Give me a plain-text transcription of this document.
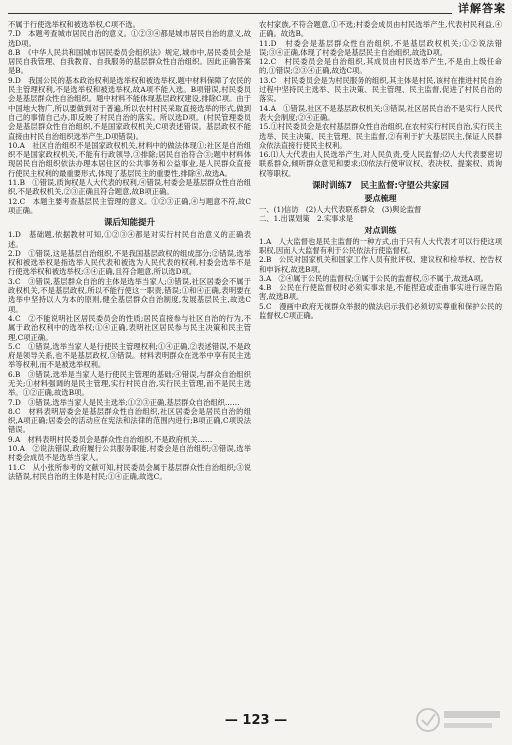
详解答案

不属于行使选举权和被选举权,C项不选。

7.D　本题考查城市居民自治的意义。①②③④都是城市居民自治的意义,故选D项。

8.B　《中华人民共和国城市居民委员会组织法》规定,城市中,居民委员会是居民自我管理、自我教育、自我服务的基层群众性自治组织。因此正确答案是B。

9.D　我国公民的基本政治权利是选举权和被选举权,题中材料保障了农民的民主管理权利,不是选举权和被选举权,故A项不能入选。B项错误,村民委员会是基层群众性自治组织。题中材料不能体现基层政权建设,排除C项。由于中国地大物广,所以要做到对于普遍,所以农村村民采取直接选举的形式,做到自己的事情自己办,即反映了村民自治的落实。所以选D项。(村民管理委员会是基层群众性自治组织,不是国家政权机关,C项表述错误。基层政权不能直接由村民自治组织选举产生,D项错误)。

10.A　社区自治组织不是国家政权机关,材料中的做法体现①;社区是自治组织不是国家政权机关,不能有行政领导,③排除;居民自治符合③;题中材料体现居民自治组织依法办理本居住区的公共事务和公益事业,是人民群众直接行使民主权利的最重要形式,体现了基层民主的重要性,排除④,故选A。

11.B　①错误,质询权是人大代表的权利,④错误,村委会是基层群众性自治组织,不是政权机关,②③正确且符合题意,故B项正确。

12.C　本题主要考查基层民主管理的意义。①②③正确,④与题意不符,故C项正确。

课后知能提升

1.D　基础题,依据教材可知,①②③④都是对实行村民自治意义的正确表述。

2.D　①错误,这是基层自治组织,不是我国基层政权的组成部分;②错误,选举权和被选举权是指选举人民代表和被选为人民代表的权利,村委会选举不是行使选举权和被选举权;③④正确,且符合题意,所以选D项。

3.C　③错误,基层群众自治的主体是选举当家人;③错误,社区居委会不属于政权机关,不是基层政权,所以不能行使这一职责,错误;①和④正确,表明要在选举中坚持以人为本的原则,健全基层群众自治制度,发展基层民主,故选C项。

4.C　②不能说明社区居民委员会的性质;居民直接参与社区自治的行为,不属于政治权利中的选举权;①④正确,表明社区居民参与民主决策和民主管理,C项正确。

5.C　①错误,选举当家人是行使民主管理权利;①④正确,②表述错误,不是政府是领导关系,也不是基层政权,③错误。材料表明群众在选举中享有民主选举等权利,而不是被选举权利。

6.B　③错误,选举是当家人是行使民主管理的基础;④错误,与群众自治组织无关;①材料强调的是民主管理,实行村民自治,实行民主管理,而不是民主选举。①②正确,故选B项。

7.D　③错误,选举当家人是民主选举;①②③正确,基层群众自治组织……

8.C　材料表明居委会是基层群众性自治组织,社区居委会是居民自治的组织,A项正确;居委会的活动应在宪法和法律的范围内进行;B项正确,C项说法错误。

9.A　材料表明村民委员会是群众性自治组织,不是政府机关……

10.A　②说法错误,政府履行公共服务职能,村委会是自治组织;③错误,选举村委会成员不是选举当家人。

11.C　从小张所参考的文献可知,村民委员会属于基层群众性自治组织;③说法错误,村民自治的主体是村民;①④正确,故选C。

农村家族,不符合题意,①不选;村委会成员由村民选举产生,代表村民利益,④正确。故选B。

11.D　村委会是基层群众性自治组织,不是基层政权机关;①②说法错误;③④正确,体现了村委会是基层民主自治组织,故选D项。

12.C　村民委员会是自治组织,其成员由村民选举产生,不是由上级任命的,①错误;②③④正确,故选C项。

13.C　村民委员会是为村民服务的组织,其主体是村民,该村在推进村民自治过程中坚持民主选举、民主决策、民主管理、民主监督,促进了村民自治的落实。

14.A　①错误,社区不是基层政权机关;③错误,社区居民自治不是实行人民代表大会制度;②④正确。

15.①村民委员会是农村基层群众性自治组织,在农村实行村民自治,实行民主选举、民主决策、民主管理、民主监督,②有利于扩大基层民主,保证人民群众依法直接行使民主权利。

16.⑴人大代表由人民选举产生,对人民负责,受人民监督;⑵人大代表要密切联系群众,倾听群众意见和要求;⑶依法行使审议权、表决权、提案权、质询权等职权。

课时训练7　民主监督:守望公共家园
要点梳理

一、(1)信访　(2)人大代表联系群众　(3)舆论监督

二、1.出谋划策　2.实事求是

对点训练

1.A　人大监督也是民主监督的一种方式,由于只有人大代表才可以行使这项职权,因而人大监督有利于公民依法行使监督权。

2.B　公民对国家机关和国家工作人员有批评权、建议权和检举权、控告权和申诉权,故选B项。

3.A　②④属于公民的监督权;③属于公民的监督权,⑤不属于,故选A项。

4.B　公民在行使监督权时必须实事求是,不能捏造或歪曲事实进行诬告陷害,故选B项。

5.C　漫画中政府无视群众举报的做法启示我们必须切实尊重和保护公民的监督权,C项正确。

— 123 —
